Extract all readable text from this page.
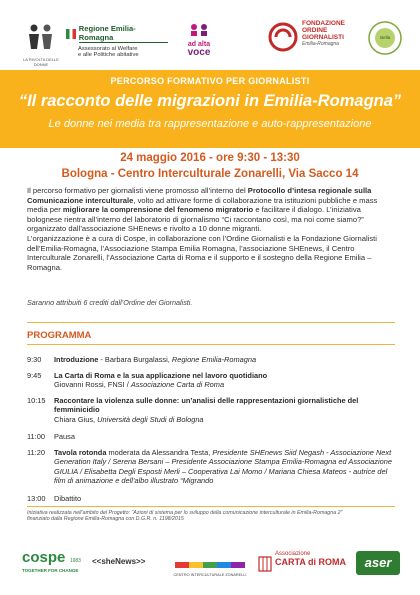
LA RIVOLTA DELLE DONNE
Regione Emilia-Romagna
Assessorato al Welfare
e alle Politiche abitative
ad alta
voce
FONDAZIONE
ORDINE
GIORNALISTI
Emilia-Romagna
stella
PERCORSO FORMATIVO PER GIORNALISTI
“Il racconto delle migrazioni in Emilia-Romagna”
Le donne nei media tra rappresentazione e auto-rappresentazione
24 maggio 2016 - ore 9:30 - 13:30
Bologna - Centro Interculturale Zonarelli, Via Sacco 14

Il percorso formativo per giornalisti viene promosso all’interno del Protocollo d’intesa regionale sulla Comunicazione interculturale, volto ad attivare forme di collaborazione tra istituzioni pubbliche e mass media per migliorare la comprensione del fenomeno migratorio e facilitare il dialogo. L’iniziativa bolognese rientra all’interno del laboratorio di giornalismo “Ci raccontano così, ma noi come siamo?” organizzato dall’associazione SHEnews e rivolto a 10 donne migranti.

L’organizzazione è a cura di Cospe, in collaborazione con l’Ordine Giornalisti e la Fondazione Giornalisti dell’Emilia-Romagna, l’Associazione Stampa Emilia Romagna, l’associazione SHEnews, il Centro Interculturale Zonarelli, l’Associazione Carta di Roma e il supporto e il sostegno della Regione Emilia – Romagna.

Saranno attribuiti 6 crediti dall’Ordine dei Giornalisti.
PROGRAMMA
9:30	Introduzione - Barbara Burgalassi, Regione Emilia-Romagna
9:45	La Carta di Roma e la sua applicazione nel lavoro quotidiano
Giovanni Rossi, FNSI / Associazione Carta di Roma
10:15	Raccontare la violenza sulle donne: un’analisi delle rappresentazioni giornalistiche del femminicidio
Chiara Gius, Università degli Studi di Bologna
11:00	Pausa
11:20	Tavola rotonda moderata da Alessandra Testa, Presidente SHEnews Siid Negash - Associazione Next Generation Italy / Serena Bersani – Presidente Associazione Stampa Emilia-Romagna ed Associazione GIULIA / Elisabetta Degli Esposti Merli – Cooperativa Lai Momo / Mariana Chiesa Mateos - autrice del film di animazione e dell’albo illustrato “Migrando
13:00	Dibattito
Iniziativa realizzata nell’ambito del Progetto: “Azioni di sistema per lo sviluppo della comunicazione interculturale in Emilia-Romagna 2”
finanziato dalla Regione Emilia-Romagna con D.G.R. n. 1198/2015
cospe 1983
TOGETHER FOR CHANGE
<<sheNews>>
CENTRO INTERCULTURALE ZONARELLI
Associazione
CARTA di ROMA	aser
